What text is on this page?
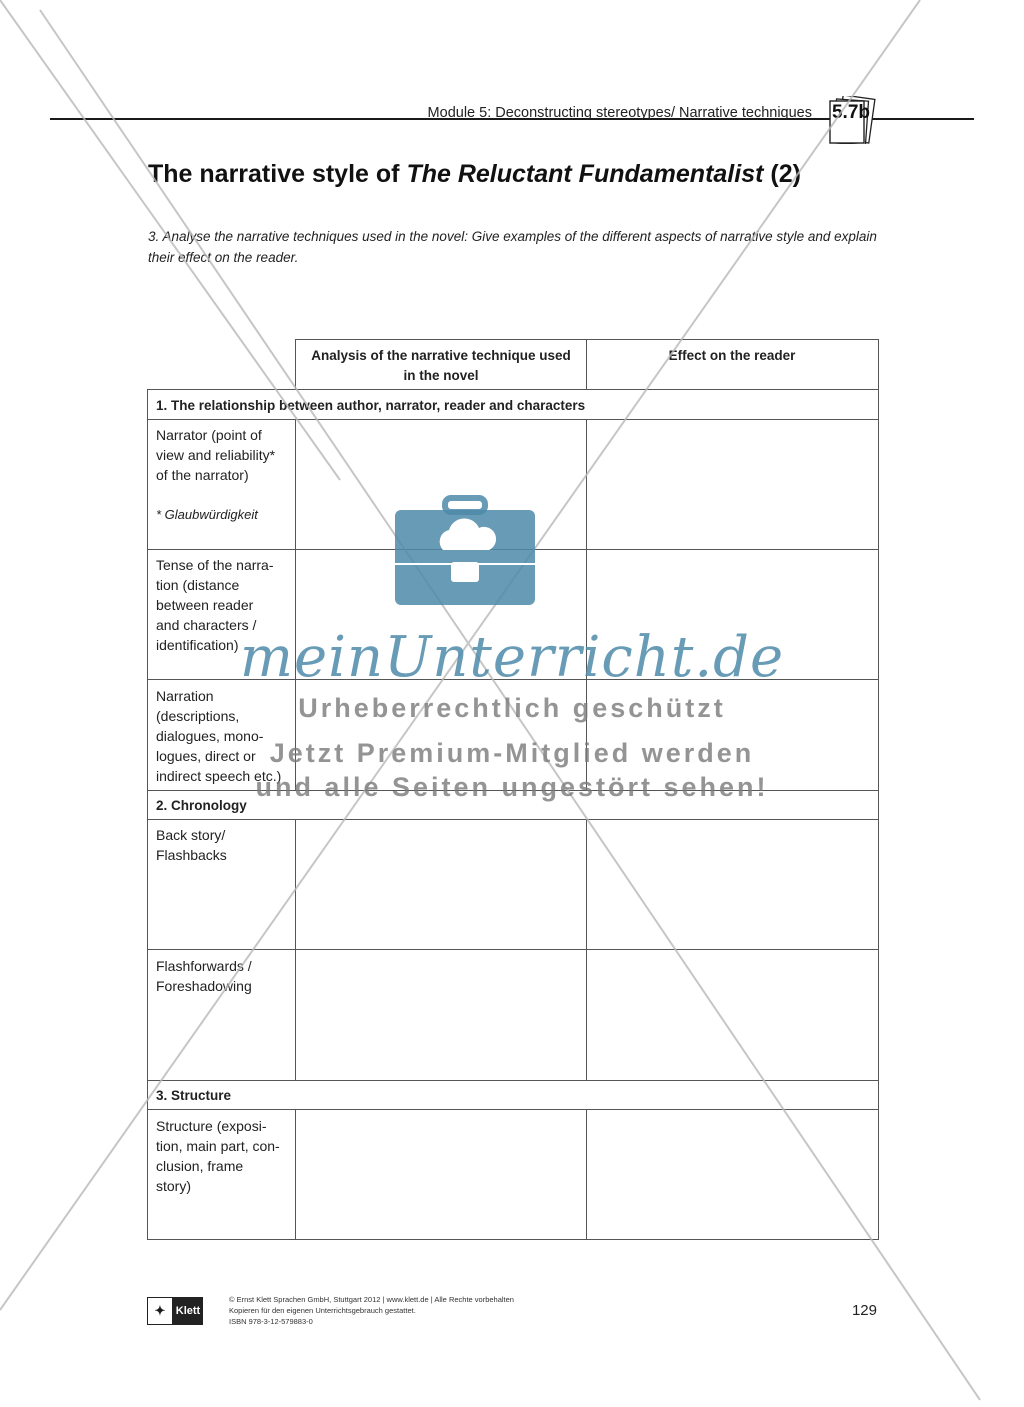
Module 5: Deconstructing stereotypes/ Narrative techniques	5.7b
The narrative style of The Reluctant Fundamentalist (2)
3. Analyse the narrative techniques used in the novel: Give examples of the different aspects of narrative style and explain their effect on the reader.
Analysis of the narrative technique used in the novel
Effect on the reader
1. The relationship between author, narrator, reader and characters
2. Chronology
3. Structure
Narrator (point of view and reliability*
of the narrator)
* Glaubwürdigkeit
Tense of the narra-
tion (distance
between reader
and characters /
identification)
Narration
(descriptions,
dialogues, mono-
logues, direct or
indirect speech etc.)
Back story/
Flashbacks
Flashforwards /
Foreshadowing
Structure (exposi-
tion, main part, con-
clusion, frame
story)
meinUnterricht.de
Urheberrechtlich geschützt
Jetzt Premium-Mitglied werden
und alle Seiten ungestört sehen!
✦ Klett
© Ernst Klett Sprachen GmbH, Stuttgart 2012 | www.klett.de | Alle Rechte vorbehalten
Kopieren für den eigenen Unterrichtsgebrauch gestattet.
ISBN 978-3-12-579883-0
129
